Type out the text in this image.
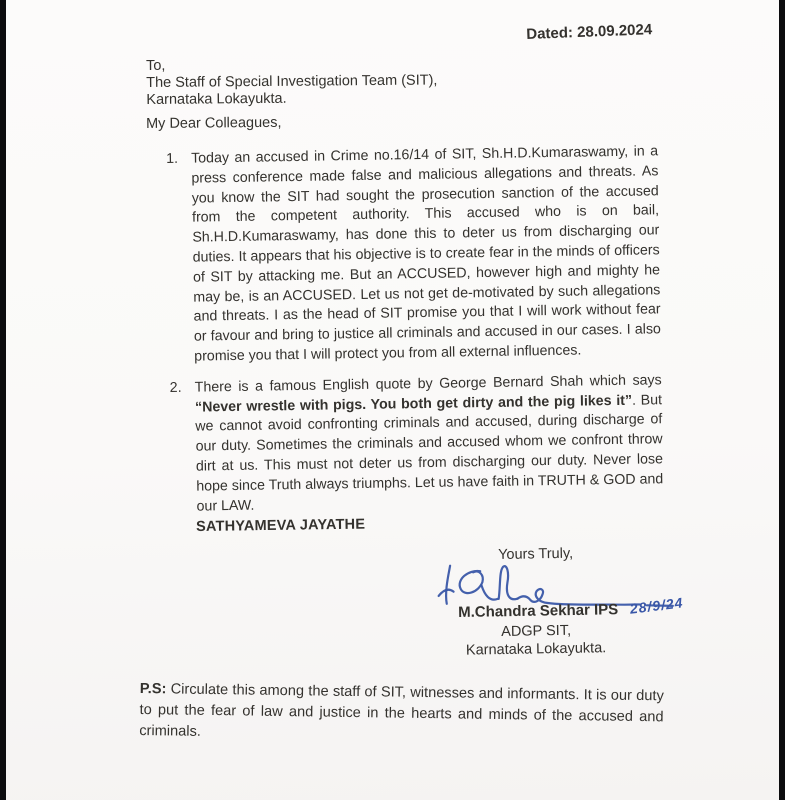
Dated: 28.09.2024
To,
The Staff of Special Investigation Team (SIT),
Karnataka Lokayukta.
My Dear Colleagues,
1. Today an accused in Crime no.16/14 of SIT, Sh.H.D.Kumaraswamy, in a press conference made false and malicious allegations and threats. As you know the SIT had sought the prosecution sanction of the accused from the competent authority. This accused who is on bail, Sh.H.D.Kumaraswamy, has done this to deter us from discharging our duties. It appears that his objective is to create fear in the minds of officers of SIT by attacking me. But an ACCUSED, however high and mighty he may be, is an ACCUSED. Let us not get de-motivated by such allegations and threats. I as the head of SIT promise you that I will work without fear or favour and bring to justice all criminals and accused in our cases. I also promise you that I will protect you from all external influences.
2. There is a famous English quote by George Bernard Shah which says “Never wrestle with pigs. You both get dirty and the pig likes it”. But we cannot avoid confronting criminals and accused, during discharge of our duty. Sometimes the criminals and accused whom we confront throw dirt at us. This must not deter us from discharging our duty. Never lose hope since Truth always triumphs. Let us have faith in TRUTH & GOD and our LAW.
SATHYAMEVA JAYATHE
Yours Truly,
M.Chandra Sekhar IPS 28/9/24
ADGP SIT,
Karnataka Lokayukta.
P.S: Circulate this among the staff of SIT, witnesses and informants. It is our duty to put the fear of law and justice in the hearts and minds of the accused and criminals.
